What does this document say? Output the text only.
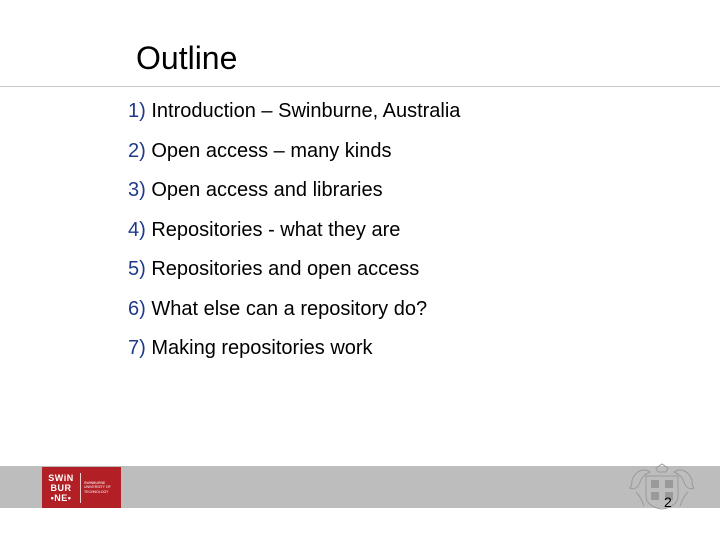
Outline
1) Introduction – Swinburne, Australia
2) Open access – many kinds
3) Open access and libraries
4) Repositories - what they are
5) Repositories and open access
6) What else can a repository do?
7) Making repositories work
SWiN
BUR
•NE•
SWINBURNE
UNIVERSITY OF
TECHNOLOGY
2
